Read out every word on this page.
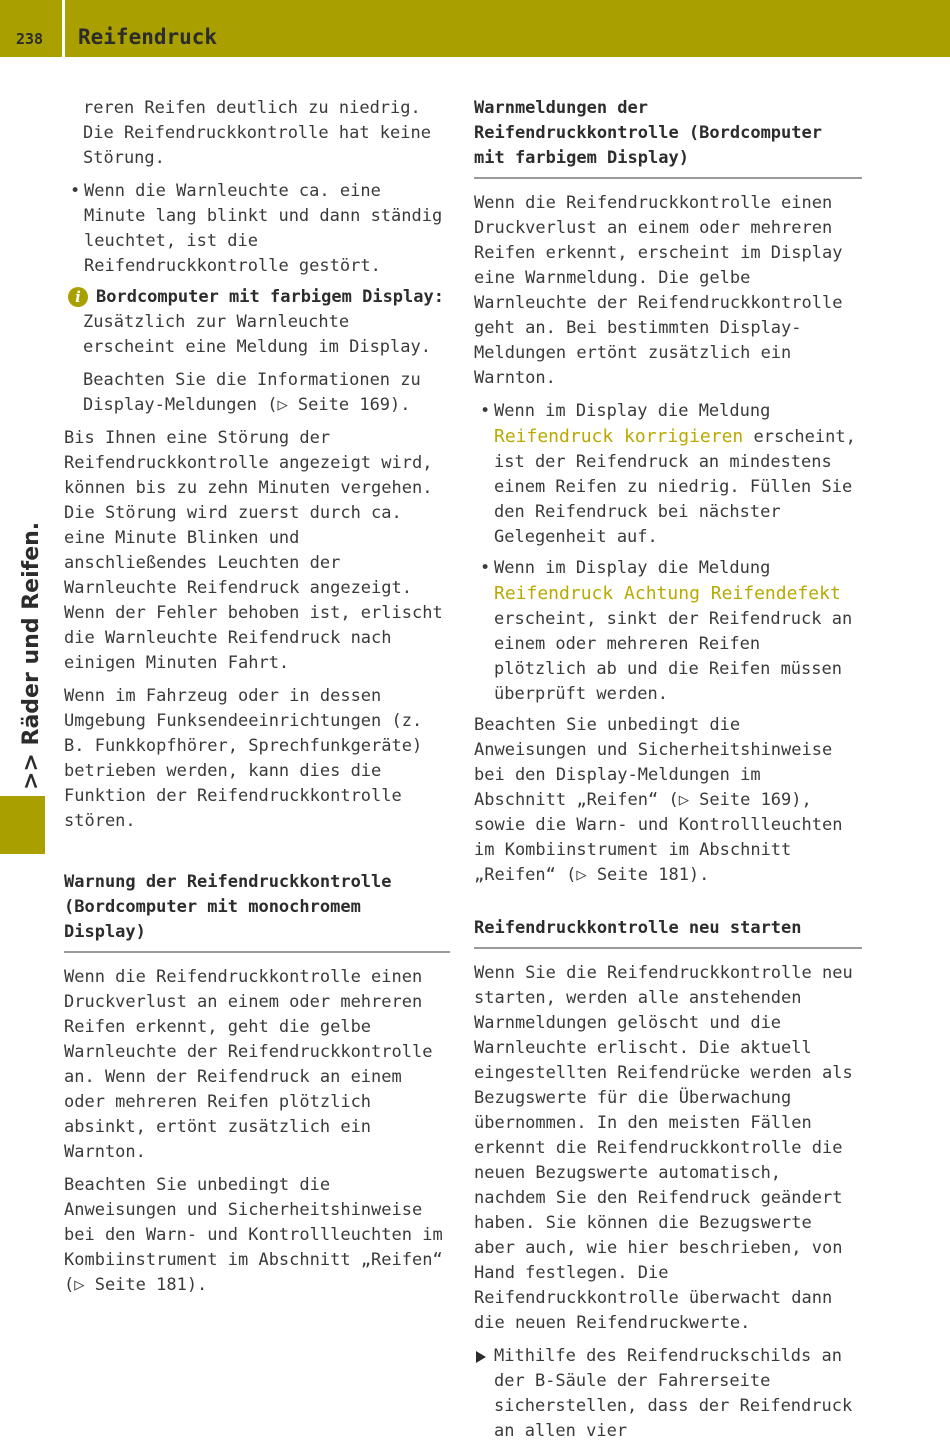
238 Reifendruck
>> Räder und Reifen.

reren Reifen deutlich zu niedrig. Die Reifendruckkontrolle hat keine Störung.

• Wenn die Warnleuchte ca. eine Minute lang blinkt und dann ständig leuchtet, ist die Reifendruckkontrolle gestört.
i Bordcomputer mit farbigem Display:

Zusätzlich zur Warnleuchte erscheint eine Meldung im Display.

Beachten Sie die Informationen zu Display-Meldungen (▷ Seite 169).

Bis Ihnen eine Störung der Reifendruckkontrolle angezeigt wird, können bis zu zehn Minuten vergehen. Die Störung wird zuerst durch ca. eine Minute Blinken und anschließendes Leuchten der Warnleuchte Reifendruck angezeigt. Wenn der Fehler behoben ist, erlischt die Warnleuchte Reifendruck nach einigen Minuten Fahrt.

Wenn im Fahrzeug oder in dessen Umgebung Funksendeeinrichtungen (z. B. Funkkopfhörer, Sprechfunkgeräte) betrieben werden, kann dies die Funktion der Reifendruckkontrolle stören.

Warnung der Reifendruckkontrolle (Bordcomputer mit monochromem Display)

Wenn die Reifendruckkontrolle einen Druckverlust an einem oder mehreren Reifen erkennt, geht die gelbe Warnleuchte der Reifendruckkontrolle an. Wenn der Reifendruck an einem oder mehreren Reifen plötzlich absinkt, ertönt zusätzlich ein Warnton.

Beachten Sie unbedingt die Anweisungen und Sicherheitshinweise bei den Warn- und Kontrollleuchten im Kombiinstrument im Abschnitt „Reifen“ (▷ Seite 181).

Warnmeldungen der Reifendruckkontrolle (Bordcomputer mit farbigem Display)

Wenn die Reifendruckkontrolle einen Druckverlust an einem oder mehreren Reifen erkennt, erscheint im Display eine Warnmeldung. Die gelbe Warnleuchte der Reifendruckkontrolle geht an. Bei bestimmten Display-Meldungen ertönt zusätzlich ein Warnton.

• Wenn im Display die Meldung Reifendruck korrigieren erscheint, ist der Reifendruck an mindestens einem Reifen zu niedrig. Füllen Sie den Reifendruck bei nächster Gelegenheit auf.
• Wenn im Display die Meldung Reifendruck Achtung Reifendefekt erscheint, sinkt der Reifendruck an einem oder mehreren Reifen plötzlich ab und die Reifen müssen überprüft werden.

Beachten Sie unbedingt die Anweisungen und Sicherheitshinweise bei den Display-Meldungen im Abschnitt „Reifen“ (▷ Seite 169), sowie die Warn- und Kontrollleuchten im Kombiinstrument im Abschnitt „Reifen“ (▷ Seite 181).

Reifendruckkontrolle neu starten

Wenn Sie die Reifendruckkontrolle neu starten, werden alle anstehenden Warnmeldungen gelöscht und die Warnleuchte erlischt. Die aktuell eingestellten Reifendrücke werden als Bezugswerte für die Überwachung übernommen. In den meisten Fällen erkennt die Reifendruckkontrolle die neuen Bezugswerte automatisch, nachdem Sie den Reifendruck geändert haben. Sie können die Bezugswerte aber auch, wie hier beschrieben, von Hand festlegen. Die Reifendruckkontrolle überwacht dann die neuen Reifendruckwerte.

Mithilfe des Reifendruckschilds an der B-Säule der Fahrerseite sicherstellen, dass der Reifendruck an allen vier
